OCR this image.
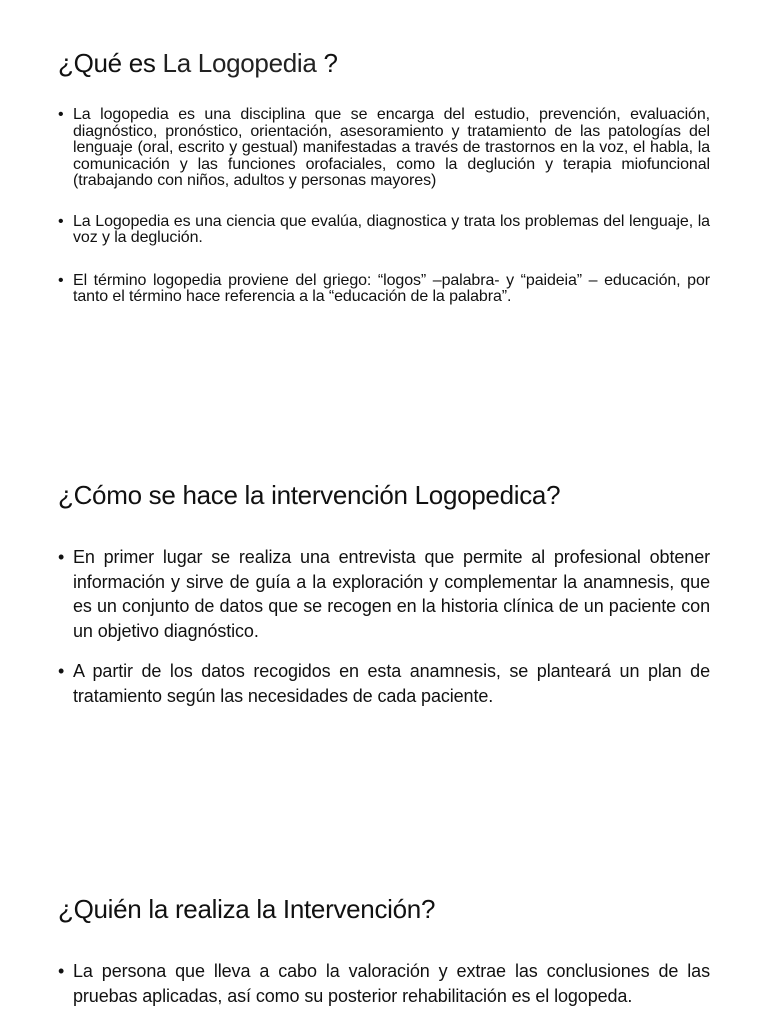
¿Qué es La Logopedia ?
• La logopedia es una disciplina que se encarga del estudio, prevención, evaluación, diagnóstico, pronóstico, orientación, asesoramiento y tratamiento de las patologías del lenguaje (oral, escrito y gestual) manifestadas a través de trastornos en la voz, el habla, la comunicación y las funciones orofaciales, como la deglución y terapia miofuncional (trabajando con niños, adultos y personas mayores)
• La Logopedia es una ciencia que evalúa, diagnostica y trata los problemas del lenguaje, la voz y la deglución.
• El término logopedia proviene del griego: “logos” –palabra- y “paideia” – educación, por tanto el término hace referencia a la “educación de la palabra”.
¿Cómo se hace la intervención Logopedica?
• En primer lugar se realiza una entrevista que permite al profesional obtener información y sirve de guía a la exploración y complementar la anamnesis, que es un conjunto de datos que se recogen en la historia clínica de un paciente con un objetivo diagnóstico.
• A partir de los datos recogidos en esta anamnesis, se planteará un plan de tratamiento según las necesidades de cada paciente.
¿Quién la realiza la Intervención?
• La persona que lleva a cabo la valoración y extrae las conclusiones de las pruebas aplicadas, así como su posterior rehabilitación es el logopeda.
